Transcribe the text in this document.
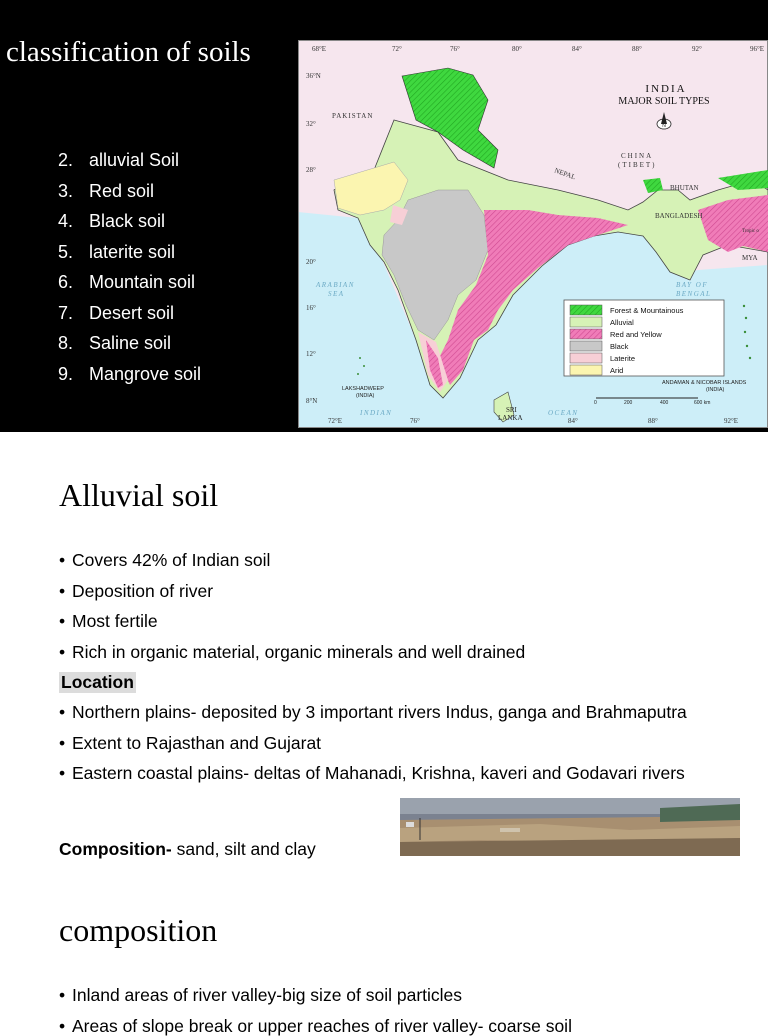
classification of soils
2. alluvial Soil
3. Red soil
4. Black soil
5. laterite soil
6. Mountain soil
7. Desert soil
8. Saline soil
9. Mangrove soil
68°E	72°	76°	80°	84°	88°	92°	96°E
36°N
32°
28°
20°
16°
12°
8°N
72°E	76°	84°	88°	92°E
INDIA
MAJOR SOIL TYPES
N
PAKISTAN
CHINA
(TIBET)
NEPAL
BHUTAN
BANGLADESH
MYA
Tropic o
ARABIAN
SEA
BAY OF
BENGAL
INDIAN	OCEAN
LAKSHADWEEP
(INDIA)
ANDAMAN & NICOBAR ISLANDS
(INDIA)
SRI
LANKA
0	200	400	600 km
Forest & Mountainous
Alluvial
Red and Yellow
Black
Laterite
Arid
Alluvial soil
• Covers 42% of Indian soil
• Deposition of river
• Most fertile
• Rich in organic material, organic minerals and well drained
Location
• Northern plains- deposited by 3 important rivers Indus, ganga and Brahmaputra
• Extent to Rajasthan and Gujarat
• Eastern coastal plains- deltas of Mahanadi, Krishna, kaveri and Godavari rivers
Composition- sand, silt and clay
composition
• Inland areas of river valley-big size of soil particles
• Areas of slope break or upper reaches of river valley- coarse soil
